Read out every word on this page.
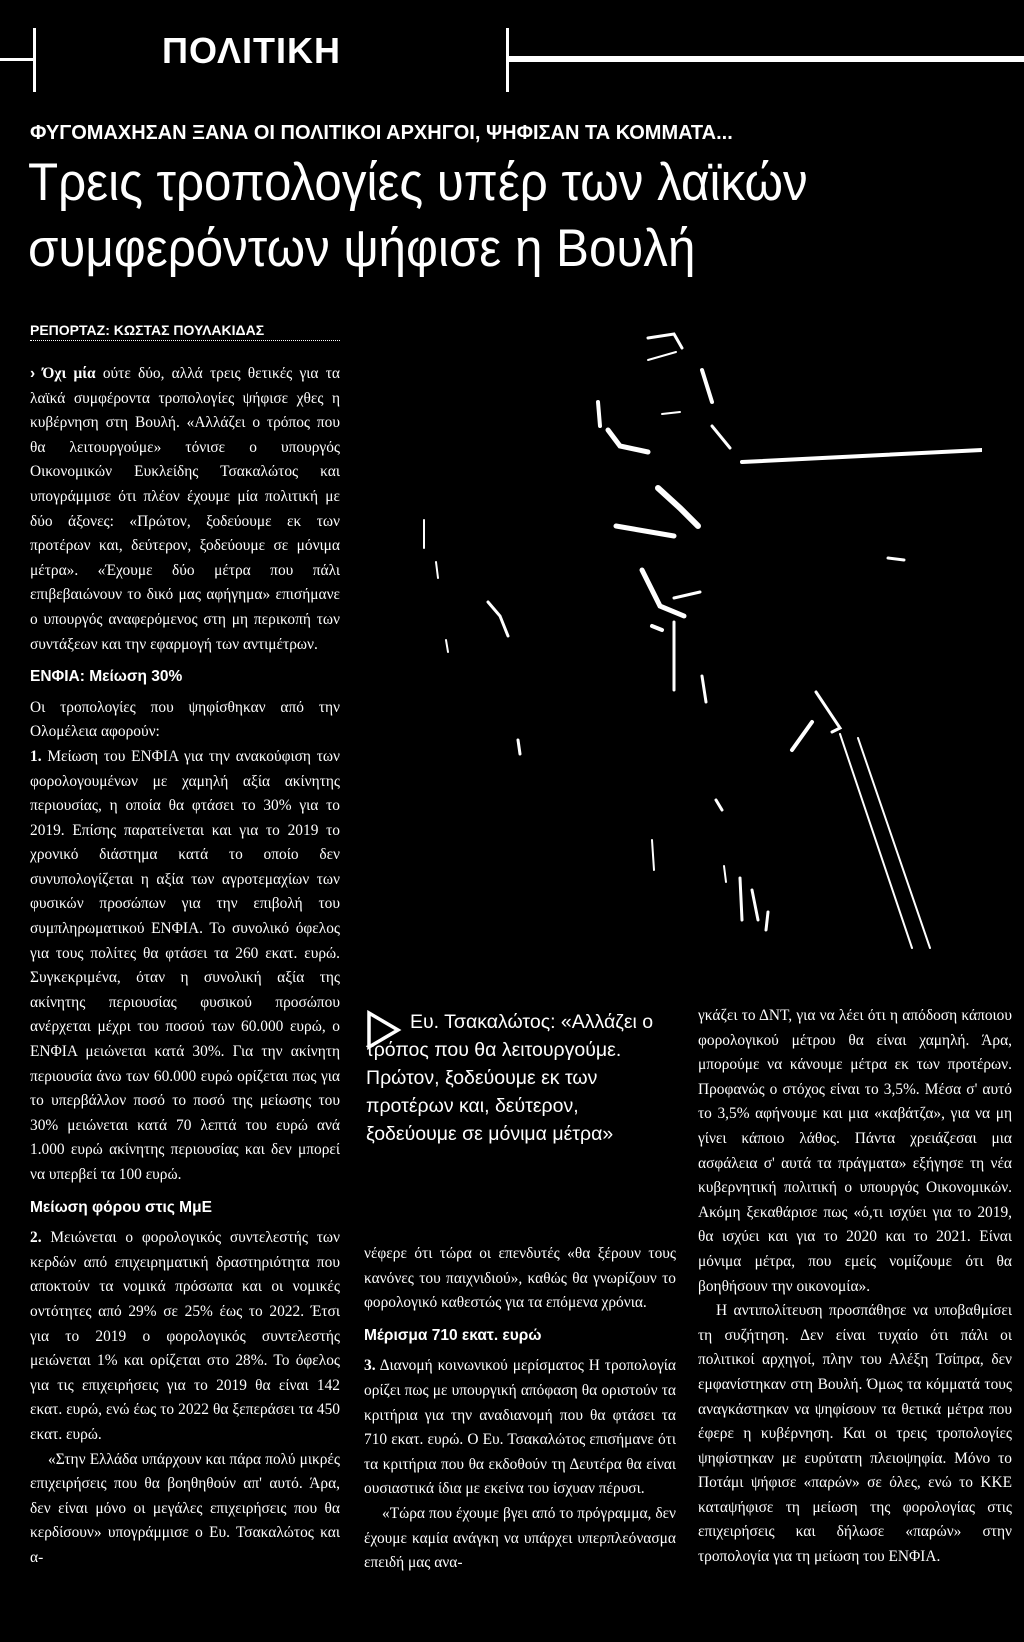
ΠΟΛΙΤΙΚΗ
ΦΥΓΟΜΑΧΗΣΑΝ ΞΑΝΑ ΟΙ ΠΟΛΙΤΙΚΟΙ ΑΡΧΗΓΟΙ, ΨΗΦΙΣΑΝ ΤΑ ΚΟΜΜΑΤΑ...
Τρεις τροπολογίες υπέρ των λαϊκών
συμφερόντων ψήφισε η Βουλή
ΡΕΠΟΡΤΑΖ: ΚΩΣΤΑΣ ΠΟΥΛΑΚΙΔΑΣ

› Όχι μία ούτε δύο, αλλά τρεις θετικές για τα λαϊκά συμφέροντα τροπολογίες ψήφισε χθες η κυβέρνηση στη Βουλή. «Αλλάζει ο τρόπος που θα λειτουργούμε» τόνισε ο υπουργός Οικονομικών Ευκλείδης Τσακαλώτος και υπογράμμισε ότι πλέον έχουμε μία πολιτική με δύο άξονες: «Πρώτον, ξοδεύουμε εκ των προτέρων και, δεύτερον, ξοδεύουμε σε μόνιμα μέτρα». «Έχουμε δύο μέτρα που πάλι επιβεβαιώνουν το δικό μας αφήγημα» επισήμανε ο υπουργός αναφερόμενος στη μη περικοπή των συντάξεων και την εφαρμογή των αντιμέτρων.

ΕΝΦΙΑ: Μείωση 30%

Οι τροπολογίες που ψηφίσθηκαν από την Ολομέλεια αφορούν:

1. Μείωση του ΕΝΦΙΑ για την ανακούφιση των φορολογουμένων με χαμηλή αξία ακίνητης περιουσίας, η οποία θα φτάσει το 30% για το 2019. Επίσης παρατείνεται και για το 2019 το χρονικό διάστημα κατά το οποίο δεν συνυπολογίζεται η αξία των αγροτεμαχίων των φυσικών προσώπων για την επιβολή του συμπληρωματικού ΕΝΦΙΑ. Το συνολικό όφελος για τους πολίτες θα φτάσει τα 260 εκατ. ευρώ. Συγκεκριμένα, όταν η συνολική αξία της ακίνητης περιουσίας φυσικού προσώπου ανέρχεται μέχρι του ποσού των 60.000 ευρώ, ο ΕΝΦΙΑ μειώνεται κατά 30%. Για την ακίνητη περιουσία άνω των 60.000 ευρώ ορίζεται πως για το υπερβάλλον ποσό το ποσό της μείωσης του 30% μειώνεται κατά 70 λεπτά του ευρώ ανά 1.000 ευρώ ακίνητης περιουσίας και δεν μπορεί να υπερβεί τα 100 ευρώ.

Μείωση φόρου στις ΜμΕ

2. Μειώνεται ο φορολογικός συντελεστής των κερδών από επιχειρηματική δραστηριότητα που αποκτούν τα νομικά πρόσωπα και οι νομικές οντότητες από 29% σε 25% έως το 2022. Έτσι για το 2019 ο φορολογικός συντελεστής μειώνεται 1% και ορίζεται στο 28%. Το όφελος για τις επιχειρήσεις για το 2019 θα είναι 142 εκατ. ευρώ, ενώ έως το 2022 θα ξεπεράσει τα 450 εκατ. ευρώ.

«Στην Ελλάδα υπάρχουν και πάρα πολύ μικρές επιχειρήσεις που θα βοηθηθούν απ' αυτό. Άρα, δεν είναι μόνο οι μεγάλες επιχειρήσεις που θα κερδίσουν» υπογράμμισε ο Ευ. Τσακαλώτος και α-

Ευ. Τσακαλώτος: «Αλλάζει ο τρόπος που θα λειτουργούμε. Πρώτον, ξοδεύουμε εκ των προτέρων και, δεύτερον, ξοδεύουμε σε μόνιμα μέτρα»

νέφερε ότι τώρα οι επενδυτές «θα ξέρουν τους κανόνες του παιχνιδιού», καθώς θα γνωρίζουν το φορολογικό καθεστώς για τα επόμενα χρόνια.

Μέρισμα 710 εκατ. ευρώ

3. Διανομή κοινωνικού μερίσματος Η τροπολογία ορίζει πως με υπουργική απόφαση θα οριστούν τα κριτήρια για την αναδιανομή που θα φτάσει τα 710 εκατ. ευρώ. Ο Ευ. Τσακαλώτος επισήμανε ότι τα κριτήρια που θα εκδοθούν τη Δευτέρα θα είναι ουσιαστικά ίδια με εκείνα του ίσχυαν πέρυσι.

«Τώρα που έχουμε βγει από το πρόγραμμα, δεν έχουμε καμία ανάγκη να υπάρχει υπερπλεόνασμα επειδή μας ανα-

γκάζει το ΔΝΤ, για να λέει ότι η απόδοση κάποιου φορολογικού μέτρου θα είναι χαμηλή. Άρα, μπορούμε να κάνουμε μέτρα εκ των προτέρων. Προφανώς ο στόχος είναι το 3,5%. Μέσα σ' αυτό το 3,5% αφήνουμε και μια «καβάτζα», για να μη γίνει κάποιο λάθος. Πάντα χρειάζεσαι μια ασφάλεια σ' αυτά τα πράγματα» εξήγησε τη νέα κυβερνητική πολιτική ο υπουργός Οικονομικών. Ακόμη ξεκαθάρισε πως «ό,τι ισχύει για το 2019, θα ισχύει και για το 2020 και το 2021. Είναι μόνιμα μέτρα, που εμείς νομίζουμε ότι θα βοηθήσουν την οικονομία».

Η αντιπολίτευση προσπάθησε να υποβαθμίσει τη συζήτηση. Δεν είναι τυχαίο ότι πάλι οι πολιτικοί αρχηγοί, πλην του Αλέξη Τσίπρα, δεν εμφανίστηκαν στη Βουλή. Όμως τα κόμματά τους αναγκάστηκαν να ψηφίσουν τα θετικά μέτρα που έφερε η κυβέρνηση. Και οι τρεις τροπολογίες ψηφίστηκαν με ευρύτατη πλειοψηφία. Μόνο το Ποτάμι ψήφισε «παρών» σε όλες, ενώ το ΚΚΕ καταψήφισε τη μείωση της φορολογίας στις επιχειρήσεις και δήλωσε «παρών» στην τροπολογία για τη μείωση του ΕΝΦΙΑ.
